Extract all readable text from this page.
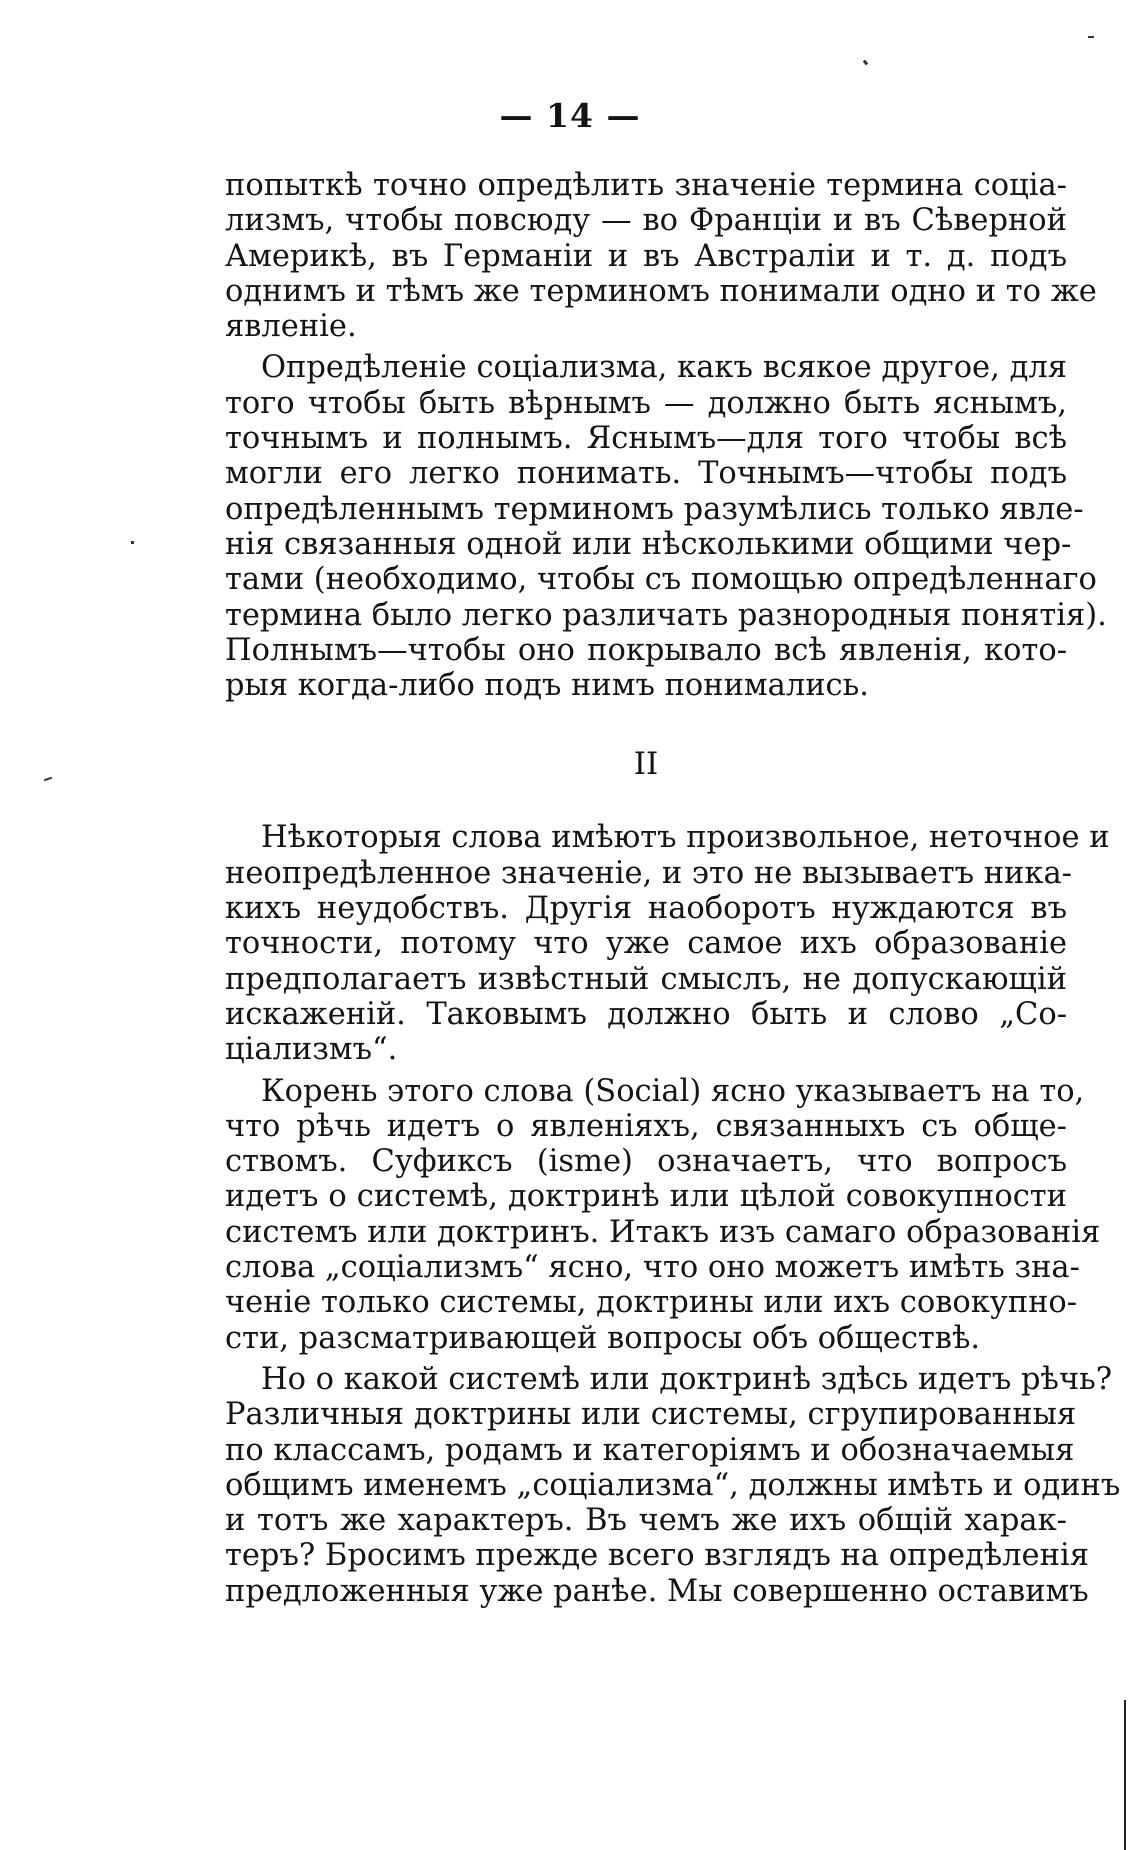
— 14 —
попыткѣ точно опредѣлить значеніе термина соціа-
лизмъ, чтобы повсюду — во Франціи и въ Сѣверной
Америкѣ, въ Германіи и въ Австраліи и т. д. подъ
однимъ и тѣмъ же терминомъ понимали одно и то же
явленіе.
Опредѣленіе соціализма, какъ всякое другое, для
того чтобы быть вѣрнымъ — должно быть яснымъ,
точнымъ и полнымъ. Яснымъ—для того чтобы всѣ
могли его легко понимать. Точнымъ—чтобы подъ
опредѣленнымъ терминомъ разумѣлись только явле-
нія связанныя одной или нѣсколькими общими чер-
тами (необходимо, чтобы съ помощью опредѣленнаго
термина было легко различать разнородныя понятія).
Полнымъ—чтобы оно покрывало всѣ явленія, кото-
рыя когда-либо подъ нимъ понимались.
II
Нѣкоторыя слова имѣютъ произвольное, неточное и
неопредѣленное значеніе, и это не вызываетъ никa-
кихъ неудобствъ. Другія наоборотъ нуждаются въ
точности, потому что уже самое ихъ образованіе
предполагаетъ извѣстный смыслъ, не допускающій
искаженій. Таковымъ должно быть и слово „Со-
ціализмъ“.
Корень этого слова (Social) ясно указываетъ на то,
что рѣчь идетъ о явленіяхъ, связанныхъ съ обще-
ствомъ. Суфиксъ (isme) означаетъ, что вопросъ
идетъ о системѣ, доктринѣ или цѣлой совокупности
системъ или доктринъ. Итакъ изъ самаго образованія
слова „соціализмъ“ ясно, что оно можетъ имѣть зна-
ченіе только системы, доктрины или ихъ совокупно-
сти, разсматривающей вопросы объ обществѣ.
Но о какой системѣ или доктринѣ здѣсь идетъ рѣчь?
Различныя доктрины или системы, сгрупированныя
по классамъ, родамъ и категоріямъ и обозначаемыя
общимъ именемъ „соціализма“, должны имѣть и одинъ
и тотъ же характеръ. Въ чемъ же ихъ общій харак-
теръ? Бросимъ прежде всего взглядъ на опредѣленія
предложенныя уже ранѣе. Мы совершенно оставимъ
